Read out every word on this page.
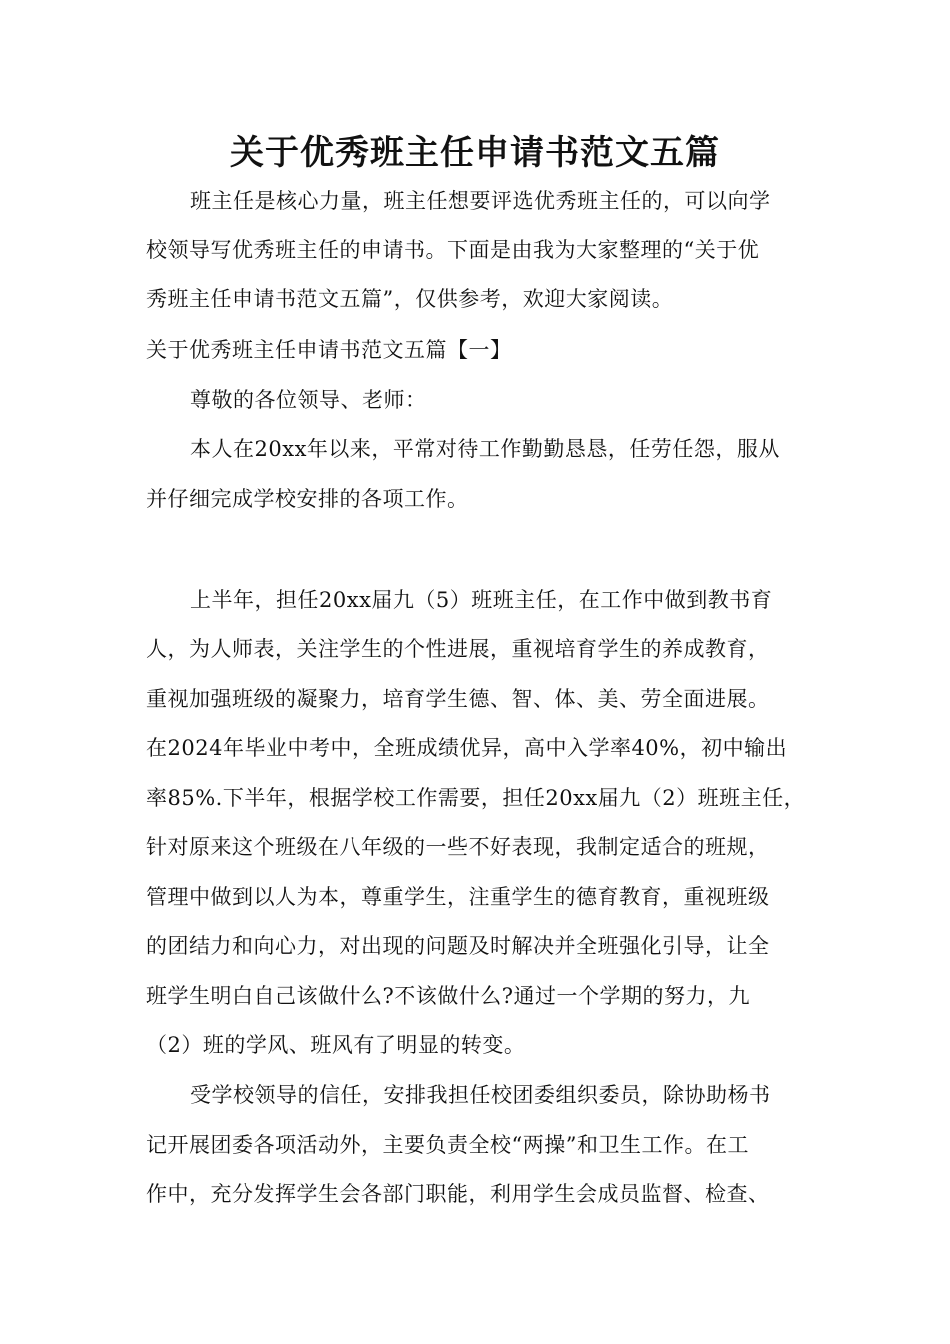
关于优秀班主任申请书范文五篇
班主任是核心力量，班主任想要评选优秀班主任的，可以向学
校领导写优秀班主任的申请书。下面是由我为大家整理的“关于优
秀班主任申请书范文五篇”，仅供参考，欢迎大家阅读。
关于优秀班主任申请书范文五篇【一】
尊敬的各位领导、老师：
本人在20xx年以来，平常对待工作勤勤恳恳，任劳任怨，服从
并仔细完成学校安排的各项工作。
上半年，担任20xx届九（5）班班主任，在工作中做到教书育
人，为人师表，关注学生的个性进展，重视培育学生的养成教育，
重视加强班级的凝聚力，培育学生德、智、体、美、劳全面进展。
在2024年毕业中考中，全班成绩优异，高中入学率40%，初中输出
率85%.下半年，根据学校工作需要，担任20xx届九（2）班班主任，
针对原来这个班级在八年级的一些不好表现，我制定适合的班规，
管理中做到以人为本，尊重学生，注重学生的德育教育，重视班级
的团结力和向心力，对出现的问题及时解决并全班强化引导，让全
班学生明白自己该做什么?不该做什么?通过一个学期的努力，九
（2）班的学风、班风有了明显的转变。
受学校领导的信任，安排我担任校团委组织委员，除协助杨书
记开展团委各项活动外，主要负责全校“两操”和卫生工作。在工
作中，充分发挥学生会各部门职能，利用学生会成员监督、检查、
